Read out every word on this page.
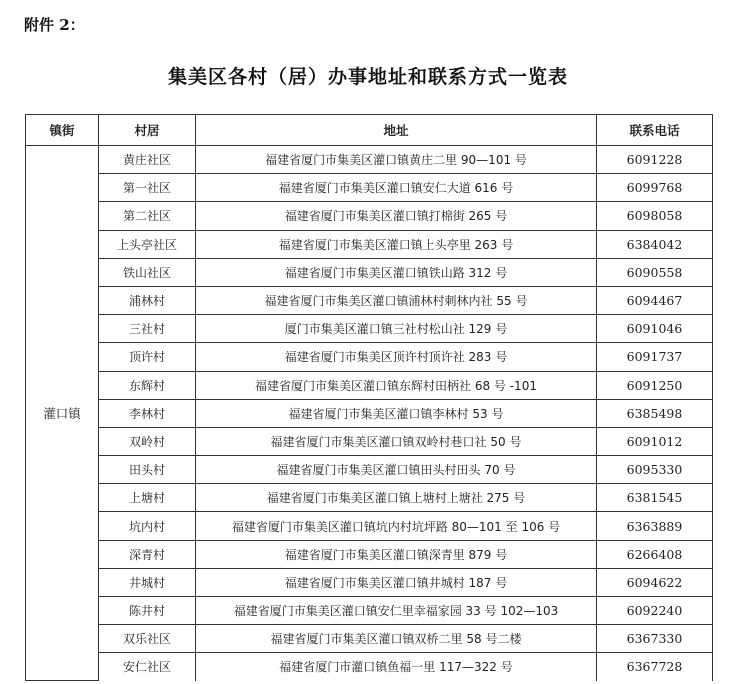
附件 2：
集美区各村（居）办事地址和联系方式一览表
镇街	村居	地址	联系电话
灌口镇	黄庄社区	福建省厦门市集美区灌口镇黄庄二里 90—101 号	6091228
	第一社区	福建省厦门市集美区灌口镇安仁大道 616 号	6099768
	第二社区	福建省厦门市集美区灌口镇打棉街 265 号	6098058
	上头亭社区	福建省厦门市集美区灌口镇上头亭里 263 号	6384042
	铁山社区	福建省厦门市集美区灌口镇铁山路 312 号	6090558
	浦林村	福建省厦门市集美区灌口镇浦林村刺林内社 55 号	6094467
	三社村	厦门市集美区灌口镇三社村松山社 129 号	6091046
	顶许村	福建省厦门市集美区顶许村顶许社 283 号	6091737
	东辉村	福建省厦门市集美区灌口镇东辉村田柄社 68 号 -101	6091250
	李林村	福建省厦门市集美区灌口镇李林村 53 号	6385498
	双岭村	福建省厦门市集美区灌口镇双岭村巷口社 50 号	6091012
	田头村	福建省厦门市集美区灌口镇田头村田头 70 号	6095330
	上塘村	福建省厦门市集美区灌口镇上塘村上塘社 275 号	6381545
	坑内村	福建省厦门市集美区灌口镇坑内村坑坪路 80—101 至 106 号	6363889
	深青村	福建省厦门市集美区灌口镇深青里 879 号	6266408
	井城村	福建省厦门市集美区灌口镇井城村 187 号	6094622
	陈井村	福建省厦门市集美区灌口镇安仁里幸福家园 33 号 102—103	6092240
	双乐社区	福建省厦门市集美区灌口镇双桥二里 58 号二楼	6367330
	安仁社区	福建省厦门市灌口镇鱼福一里 117—322 号	6367728
